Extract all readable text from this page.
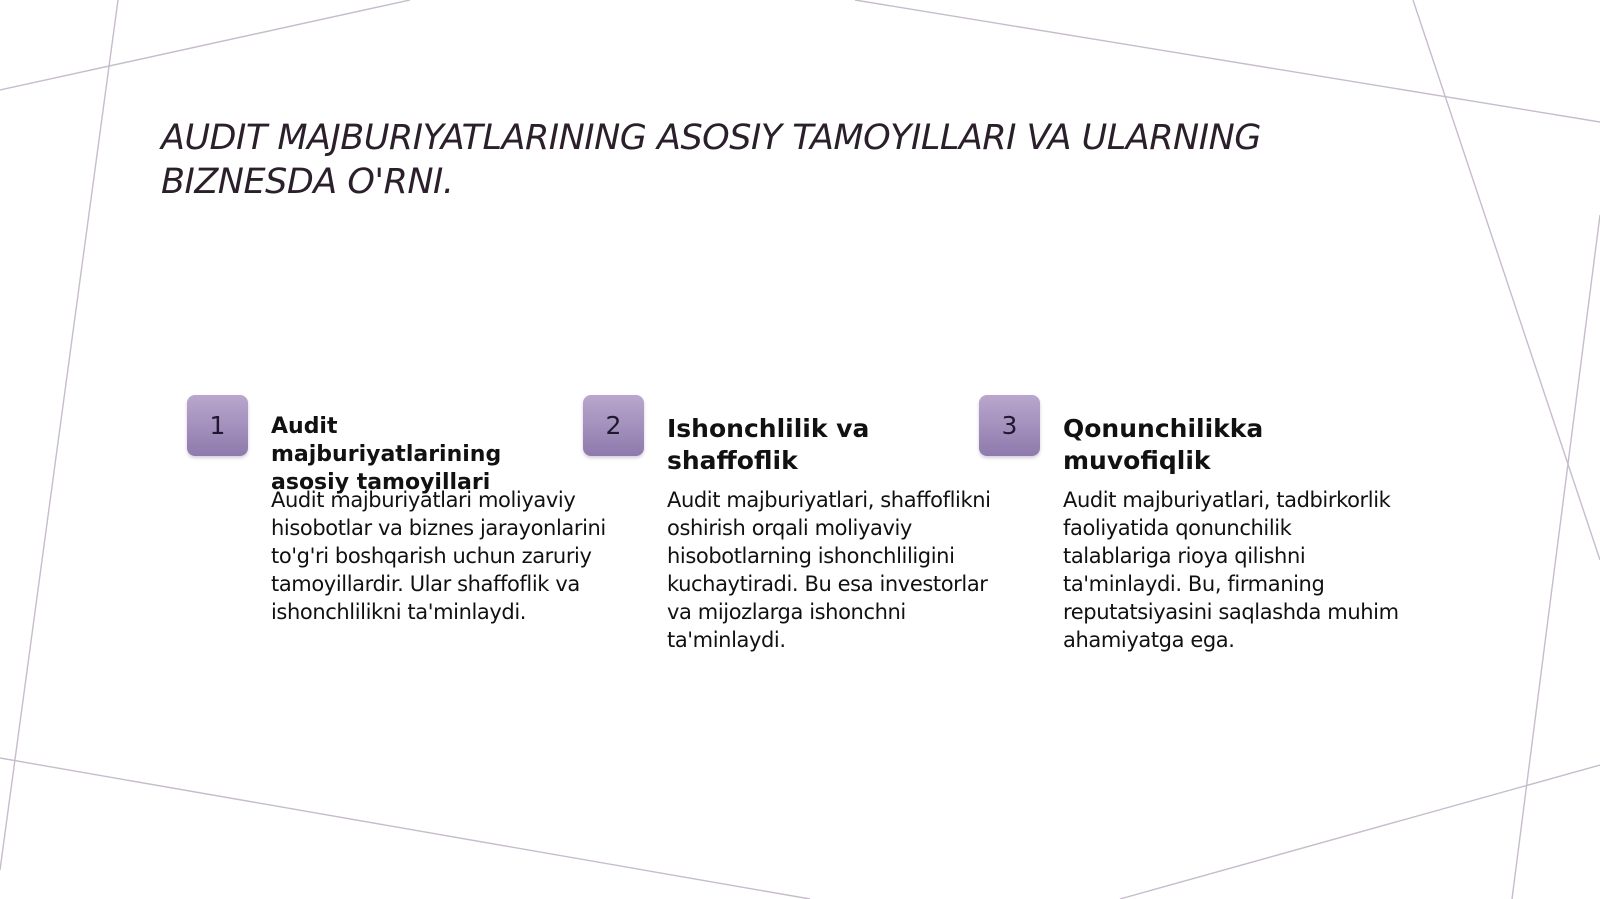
AUDIT MAJBURIYATLARINING ASOSIY TAMOYILLARI VA ULARNING BIZNESDA O'RNI.
1	Audit majburiyatlarining asosiy tamoyillari

Audit majburiyatlari moliyaviy hisobotlar va biznes jarayonlarini to'g'ri boshqarish uchun zaruriy tamoyillardir. Ular shaffoflik va ishonchlilikni ta'minlaydi.

2	Ishonchlilik va shaffoflik

Audit majburiyatlari, shaffoflikni oshirish orqali moliyaviy hisobotlarning ishonchliligini kuchaytiradi. Bu esa investorlar va mijozlarga ishonchni ta'minlaydi.

3	Qonunchilikka muvofiqlik

Audit majburiyatlari, tadbirkorlik faoliyatida qonunchilik talablariga rioya qilishni ta'minlaydi. Bu, firmaning reputatsiyasini saqlashda muhim ahamiyatga ega.
